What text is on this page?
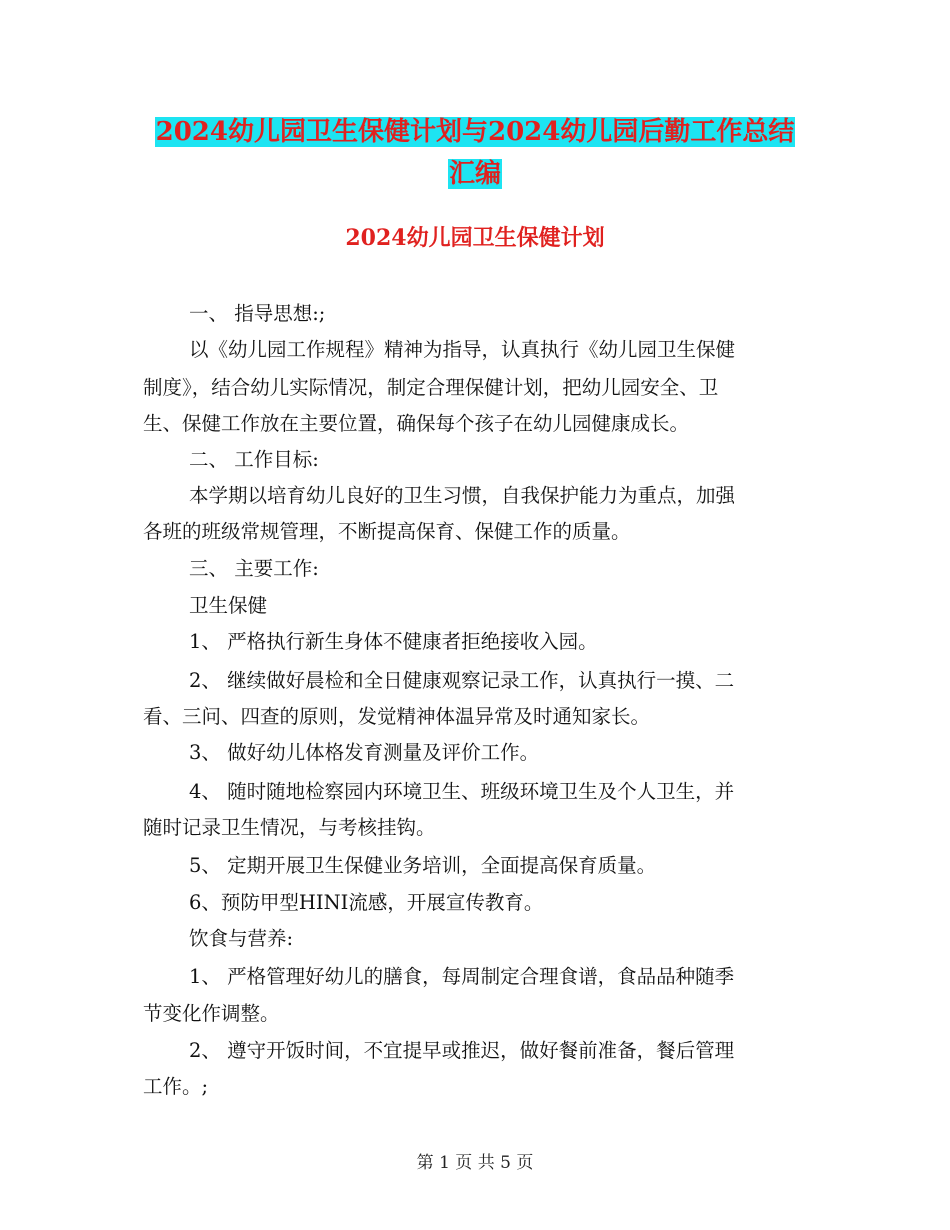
2024幼儿园卫生保健计划与2024幼儿园后勤工作总结
汇编
2024幼儿园卫生保健计划
一、 指导思想:;
以《幼儿园工作规程》精神为指导，认真执行《幼儿园卫生保健
制度》，结合幼儿实际情况，制定合理保健计划，把幼儿园安全、卫
生、保健工作放在主要位置，确保每个孩子在幼儿园健康成长。
二、 工作目标:
本学期以培育幼儿良好的卫生习惯，自我保护能力为重点，加强
各班的班级常规管理，不断提高保育、保健工作的质量。
三、 主要工作:
卫生保健
1、 严格执行新生身体不健康者拒绝接收入园。
2、 继续做好晨检和全日健康观察记录工作，认真执行一摸、二
看、三问、四查的原则，发觉精神体温异常及时通知家长。
3、 做好幼儿体格发育测量及评价工作。
4、 随时随地检察园内环境卫生、班级环境卫生及个人卫生，并
随时记录卫生情况，与考核挂钩。
5、 定期开展卫生保健业务培训，全面提高保育质量。
6、预防甲型HINI流感，开展宣传教育。
饮食与营养:
1、 严格管理好幼儿的膳食，每周制定合理食谱，食品品种随季
节变化作调整。
2、 遵守开饭时间，不宜提早或推迟，做好餐前准备，餐后管理
工作。;
第 1 页 共 5 页
